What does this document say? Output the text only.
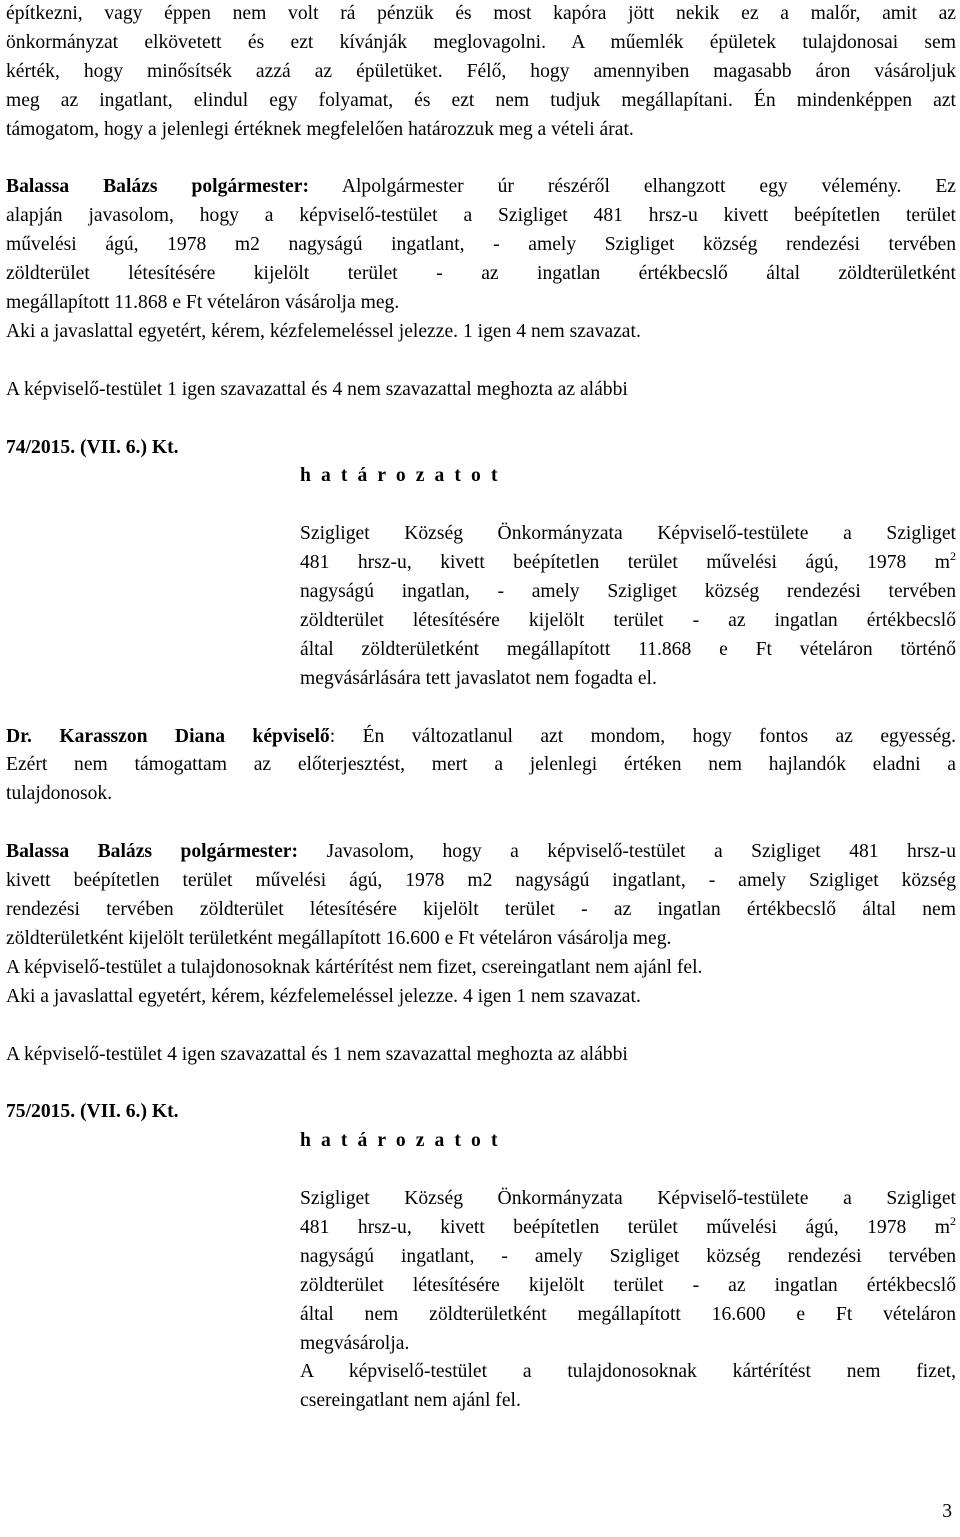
építkezni, vagy éppen nem volt rá pénzük és most kapóra jött nekik ez a malőr, amit az

önkormányzat elkövetett és ezt kívánják meglovagolni. A műemlék épületek tulajdonosai sem

kérték, hogy minősítsék azzá az épületüket. Félő, hogy amennyiben magasabb áron vásároljuk

meg az ingatlant, elindul egy folyamat, és ezt nem tudjuk megállapítani. Én mindenképpen azt

támogatom, hogy a jelenlegi értéknek megfelelően határozzuk meg a vételi árat.

Balassa Balázs polgármester: Alpolgármester úr részéről elhangzott egy vélemény. Ez

alapján javasolom, hogy a képviselő-testület a Szigliget 481 hrsz-u kivett beépítetlen terület

művelési ágú, 1978 m2 nagyságú ingatlant, - amely Szigliget község rendezési tervében

zöldterület létesítésére kijelölt terület - az ingatlan értékbecslő által zöldterületként

megállapított 11.868 e Ft vételáron vásárolja meg.

Aki a javaslattal egyetért, kérem, kézfelemeléssel jelezze. 1 igen 4 nem szavazat.

A képviselő-testület 1 igen szavazattal és 4 nem szavazattal meghozta az alábbi

74/2015. (VII. 6.) Kt.

h a t á r o z a t o t

Szigliget Község Önkormányzata Képviselő-testülete a Szigliget

481 hrsz-u, kivett beépítetlen terület művelési ágú, 1978 $m^2$

nagyságú ingatlan, - amely Szigliget község rendezési tervében

zöldterület létesítésére kijelölt terület - az ingatlan értékbecslő

által zöldterületként megállapított 11.868 e Ft vételáron történő

megvásárlására tett javaslatot nem fogadta el.

Dr. Karasszon Diana képviselő: Én változatlanul azt mondom, hogy fontos az egyesség.

Ezért nem támogattam az előterjesztést, mert a jelenlegi értéken nem hajlandók eladni a

tulajdonosok.

Balassa Balázs polgármester: Javasolom, hogy a képviselő-testület a Szigliget 481 hrsz-u

kivett beépítetlen terület művelési ágú, 1978 m2 nagyságú ingatlant, - amely Szigliget község

rendezési tervében zöldterület létesítésére kijelölt terület - az ingatlan értékbecslő által nem

zöldterületként kijelölt területként megállapított 16.600 e Ft vételáron vásárolja meg.

A képviselő-testület a tulajdonosoknak kártérítést nem fizet, csereingatlant nem ajánl fel.

Aki a javaslattal egyetért, kérem, kézfelemeléssel jelezze. 4 igen 1 nem szavazat.

A képviselő-testület 4 igen szavazattal és 1 nem szavazattal meghozta az alábbi

75/2015. (VII. 6.) Kt.

h a t á r o z a t o t

Szigliget Község Önkormányzata Képviselő-testülete a Szigliget

481 hrsz-u, kivett beépítetlen terület művelési ágú, 1978 $m^2$

nagyságú ingatlant, - amely Szigliget község rendezési tervében

zöldterület létesítésére kijelölt terület - az ingatlan értékbecslő

által nem zöldterületként megállapított 16.600 e Ft vételáron

megvásárolja.

A képviselő-testület a tulajdonosoknak kártérítést nem fizet,

csereingatlant nem ajánl fel.

3
